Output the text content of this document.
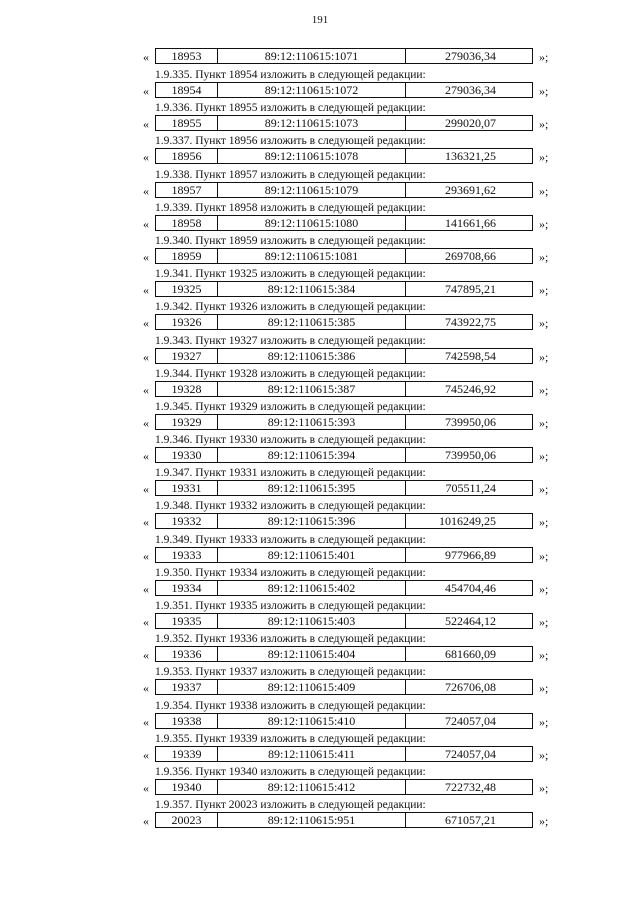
191
«	18953	89:12:110615:1071	279036,34	»;
1.9.335. Пункт 18954 изложить в следующей редакции:
«	18954	89:12:110615:1072	279036,34	»;
1.9.336. Пункт 18955 изложить в следующей редакции:
«	18955	89:12:110615:1073	299020,07	»;
1.9.337. Пункт 18956 изложить в следующей редакции:
«	18956	89:12:110615:1078	136321,25	»;
1.9.338. Пункт 18957 изложить в следующей редакции:
«	18957	89:12:110615:1079	293691,62	»;
1.9.339. Пункт 18958 изложить в следующей редакции:
«	18958	89:12:110615:1080	141661,66	»;
1.9.340. Пункт 18959 изложить в следующей редакции:
«	18959	89:12:110615:1081	269708,66	»;
1.9.341. Пункт 19325 изложить в следующей редакции:
«	19325	89:12:110615:384	747895,21	»;
1.9.342. Пункт 19326 изложить в следующей редакции:
«	19326	89:12:110615:385	743922,75	»;
1.9.343. Пункт 19327 изложить в следующей редакции:
«	19327	89:12:110615:386	742598,54	»;
1.9.344. Пункт 19328 изложить в следующей редакции:
«	19328	89:12:110615:387	745246,92	»;
1.9.345. Пункт 19329 изложить в следующей редакции:
«	19329	89:12:110615:393	739950,06	»;
1.9.346. Пункт 19330 изложить в следующей редакции:
«	19330	89:12:110615:394	739950,06	»;
1.9.347. Пункт 19331 изложить в следующей редакции:
«	19331	89:12:110615:395	705511,24	»;
1.9.348. Пункт 19332 изложить в следующей редакции:
«	19332	89:12:110615:396	1016249,25	»;
1.9.349. Пункт 19333 изложить в следующей редакции:
«	19333	89:12:110615:401	977966,89	»;
1.9.350. Пункт 19334 изложить в следующей редакции:
«	19334	89:12:110615:402	454704,46	»;
1.9.351. Пункт 19335 изложить в следующей редакции:
«	19335	89:12:110615:403	522464,12	»;
1.9.352. Пункт 19336 изложить в следующей редакции:
«	19336	89:12:110615:404	681660,09	»;
1.9.353. Пункт 19337 изложить в следующей редакции:
«	19337	89:12:110615:409	726706,08	»;
1.9.354. Пункт 19338 изложить в следующей редакции:
«	19338	89:12:110615:410	724057,04	»;
1.9.355. Пункт 19339 изложить в следующей редакции:
«	19339	89:12:110615:411	724057,04	»;
1.9.356. Пункт 19340 изложить в следующей редакции:
«	19340	89:12:110615:412	722732,48	»;
1.9.357. Пункт 20023 изложить в следующей редакции:
«	20023	89:12:110615:951	671057,21	»;
